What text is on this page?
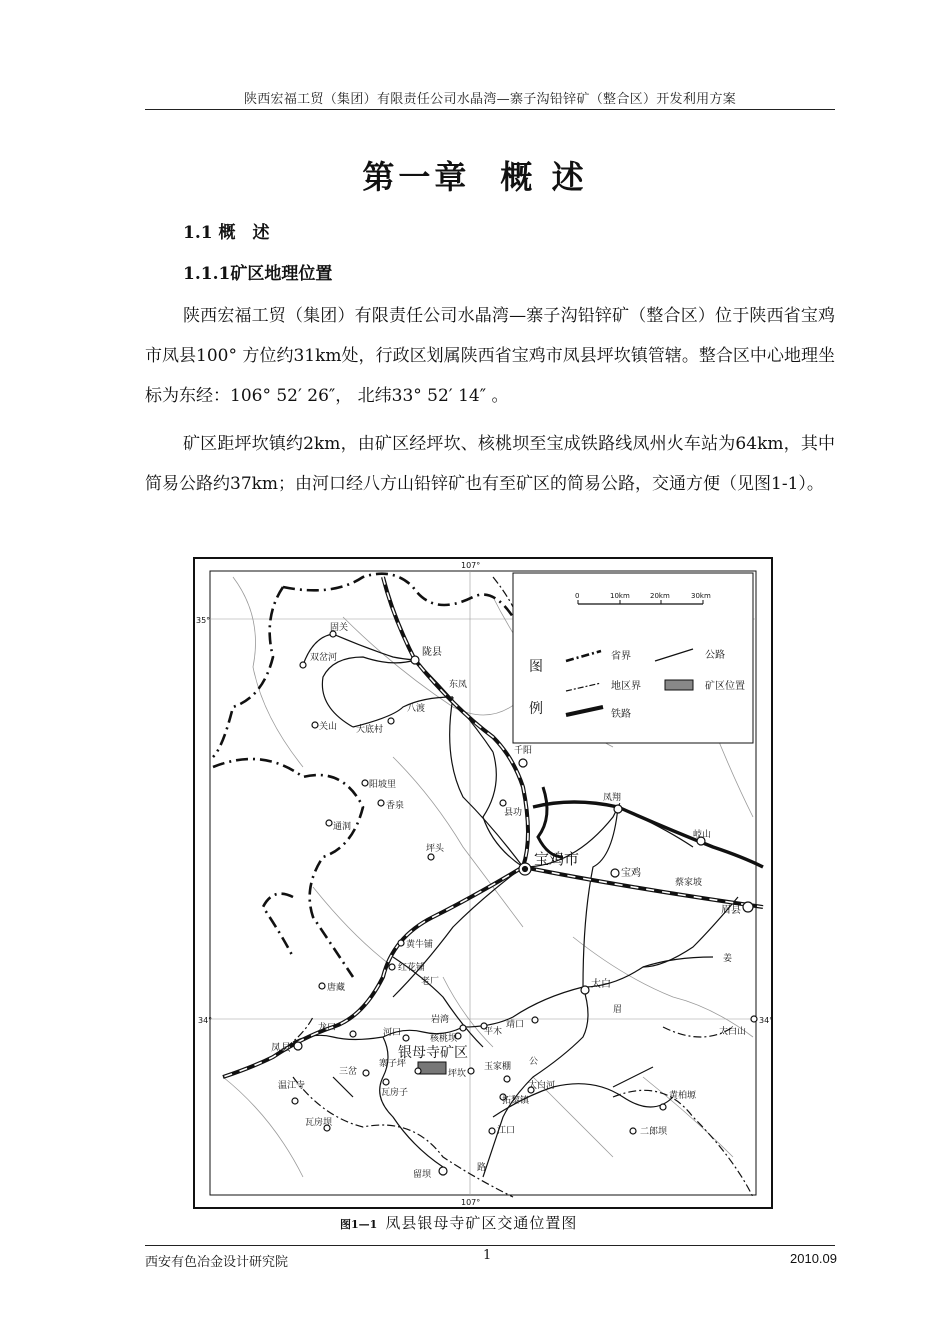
陕西宏福工贸（集团）有限责任公司水晶湾—寨子沟铅锌矿（整合区）开发利用方案
第一章 概 述
1.1 概　述
1.1.1矿区地理位置
陕西宏福工贸（集团）有限责任公司水晶湾—寨子沟铅锌矿（整合区）位于陕西省宝鸡市凤县100° 方位约31km处，行政区划属陕西省宝鸡市凤县坪坎镇管辖。整合区中心地理坐标为东经：106° 52′ 26″， 北纬33° 52′ 14″ 。
矿区距坪坎镇约2km，由矿区经坪坎、核桃坝至宝成铁路线凤州火车站为64km，其中简易公路约37km；由河口经八方山铅锌矿也有至矿区的简易公路，交通方便（见图1-1）。
107°
107°
35°
34°	34°
0	10km	20km	30km
图
例
省界	公路
地区界	矿区位置
铁路
固关
双岔河	陇县
东凤
关山
八渡
大底村
千阳
阳坡里
香泉
凤翔
县功
通洞
岐山
坪头
宝鸡市
宝鸡
蔡家坡
眉县
黄牛铺
红花铺
老厂
唐藏
姜
太白
眉
岩湾
龙口	平木
靖口
太白山
凤县
河口
核桃坝
银母寺矿区
寨子坪
三岔	坪坎
玉家棚 公
温江寺
瓦房子
太白河
黄柏塬
拓黎镇
瓦房坝
江口	二郎坝
留坝
路
图1—1 凤县银母寺矿区交通位置图
西安有色冶金设计研究院	1	2010.09
